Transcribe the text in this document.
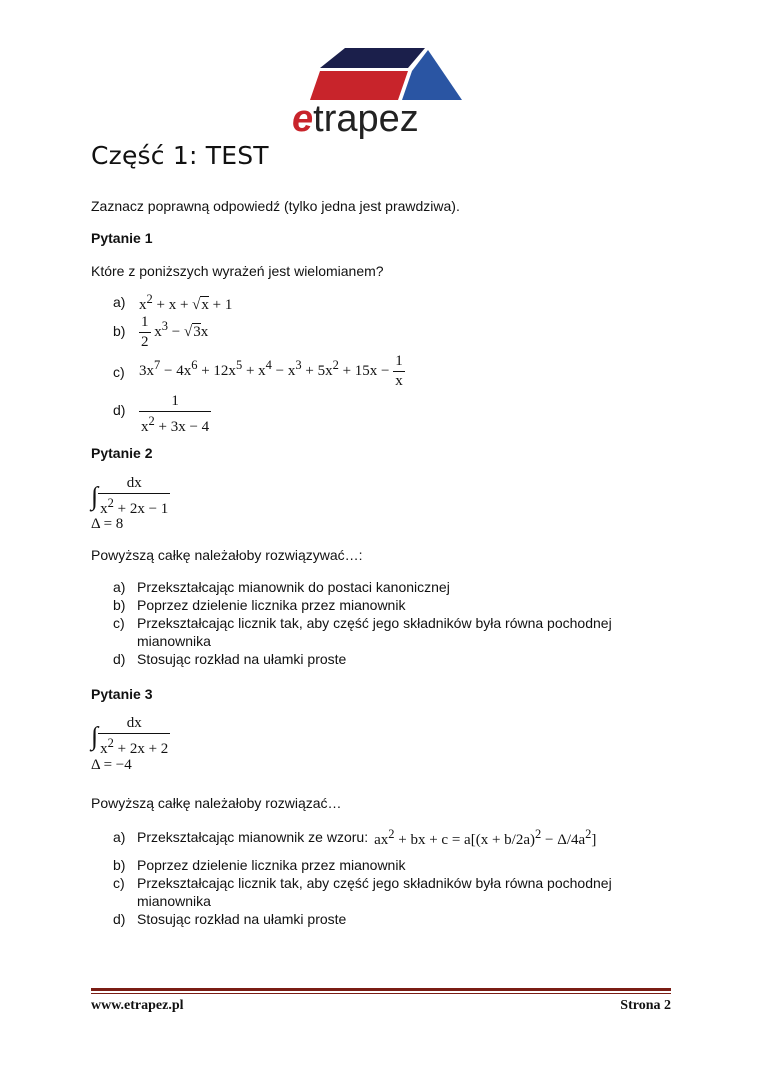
etrapez
Część 1: TEST

Zaznacz poprawną odpowiedź (tylko jedna jest prawdziwa).

Pytanie 1

Które z poniższych wyrażeń jest wielomianem?

a) $x^2 + x + √x + 1$
$b) \frac{1}{2} x^3 - √3x$
c) $3x^7 - 4x^6 + 12x^5 + x^4 - x^3 + 5x^2 + 15x - \frac{1}{x}$
$d) \frac{1}{x^2 + 3x - 4}$

Pytanie 2

∫ $\frac{dx}{x^2 + 2x - 1}$
Δ = 8

Powyższą całkę należałoby rozwiązywać…:

a) Przekształcając mianownik do postaci kanonicznej
b) Poprzez dzielenie licznika przez mianownik
c) Przekształcając licznik tak, aby część jego składników była równa pochodnej mianownika
d) Stosując rozkład na ułamki proste

Pytanie 3

∫ $\frac{dx}{x^2 + 2x + 2}$
Δ = −4

Powyższą całkę należałoby rozwiązać…

a) Przekształcając mianownik ze wzoru: $ax^2$ + bx + $c = a[(x + b/2a)^2 - \Delta/4a^2]$
b) Poprzez dzielenie licznika przez mianownik
c) Przekształcając licznik tak, aby część jego składników była równa pochodnej mianownika
d) Stosując rozkład na ułamki proste
www.etrapez.pl	Strona 2
